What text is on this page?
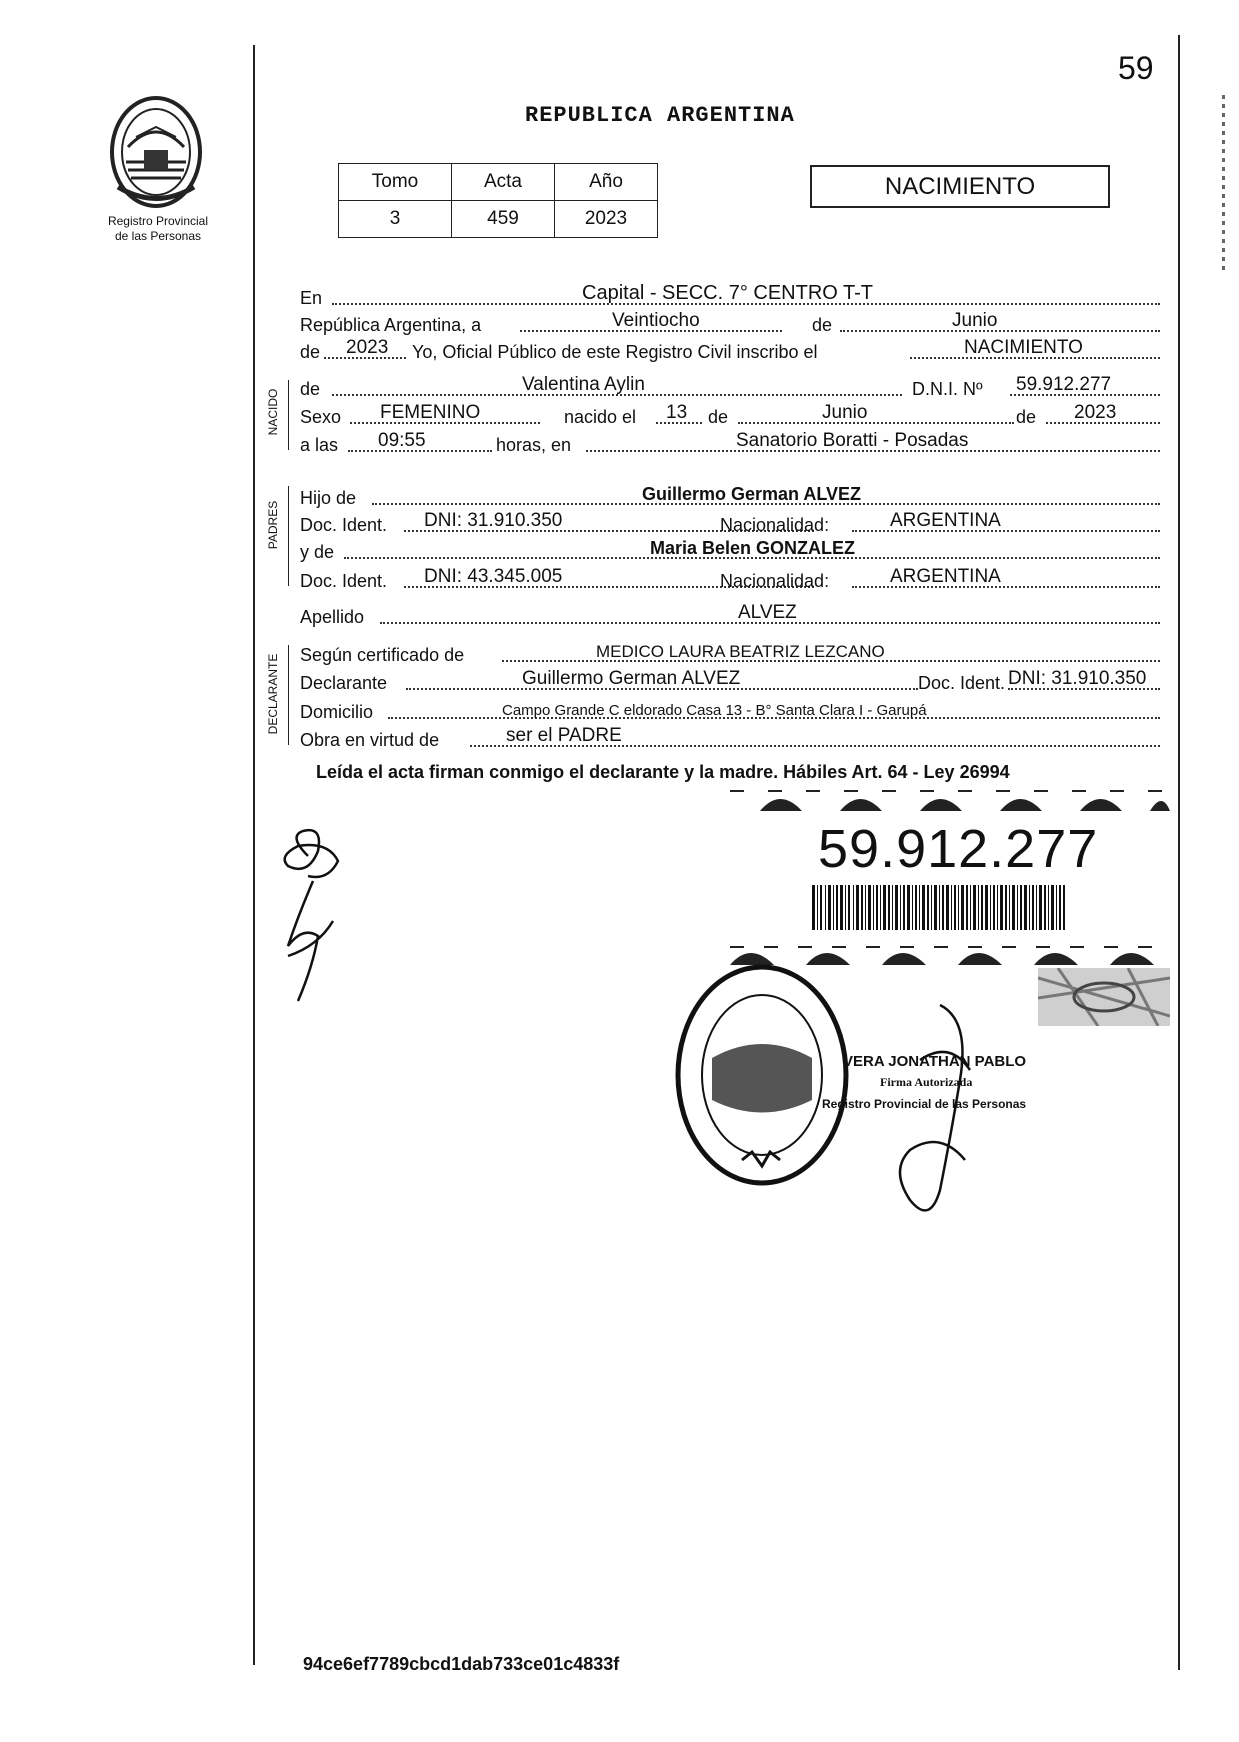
59
Registro Provincial
de las Personas
REPUBLICA ARGENTINA
Tomo	Acta	Año
3	459	2023
NACIMIENTO
En	Capital - SECC. 7° CENTRO T-T
República Argentina, a	Veintiocho	de	Junio
de 2023 Yo, Oficial Público de este Registro Civil inscribo el	NACIMIENTO
de	Valentina Aylin	D.N.I. Nº 59.912.277
Sexo FEMENINO	nacido el 13 de	Junio	de 2023
a las 09:55	horas, en	Sanatorio Boratti - Posadas
Hijo de	Guillermo German ALVEZ
Doc. Ident. DNI: 31.910.350	Nacionalidad:	ARGENTINA
y de	Maria Belen GONZALEZ
Doc. Ident. DNI: 43.345.005	Nacionalidad:	ARGENTINA
Apellido	ALVEZ
Según certificado de	MEDICO LAURA BEATRIZ LEZCANO
Declarante	Guillermo German ALVEZ	Doc. Ident. DNI: 31.910.350
Domicilio	Campo Grande C eldorado Casa 13 - B° Santa Clara I - Garupá
Obra en virtud de	ser el PADRE
NACIDO
PADRES
DECLARANTE
Leída el acta firman conmigo el declarante y la madre. Hábiles Art. 64 - Ley 26994
59.912.277
VERA JONATHAN PABLO
Firma Autorizada
Registro Provincial de las Personas
94ce6ef7789cbcd1dab733ce01c4833f
